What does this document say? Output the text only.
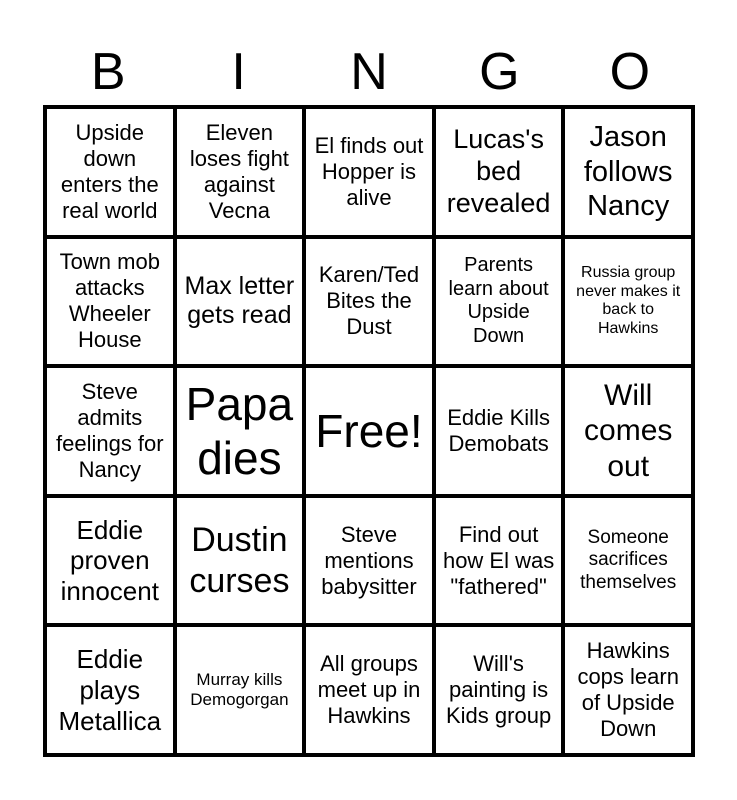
B	I	N	G	O
Upside down enters the real world
Eleven loses fight against Vecna
El finds out Hopper is alive
Lucas's bed revealed
Jason follows Nancy
Town mob attacks Wheeler House
Max letter gets read
Karen/Ted Bites the Dust
Parents learn about Upside Down
Russia group never makes it back to Hawkins
Steve admits feelings for Nancy
Papa dies
Free! Eddie Kills Demobats
Will comes out
Eddie proven innocent
Dustin curses
Steve mentions babysitter
Find out how El was "fathered"
Someone sacrifices themselves
Eddie plays Metallica
Murray kills Demogorgan
All groups meet up in Hawkins
Will's painting is Kids group
Hawkins cops learn of Upside Down
